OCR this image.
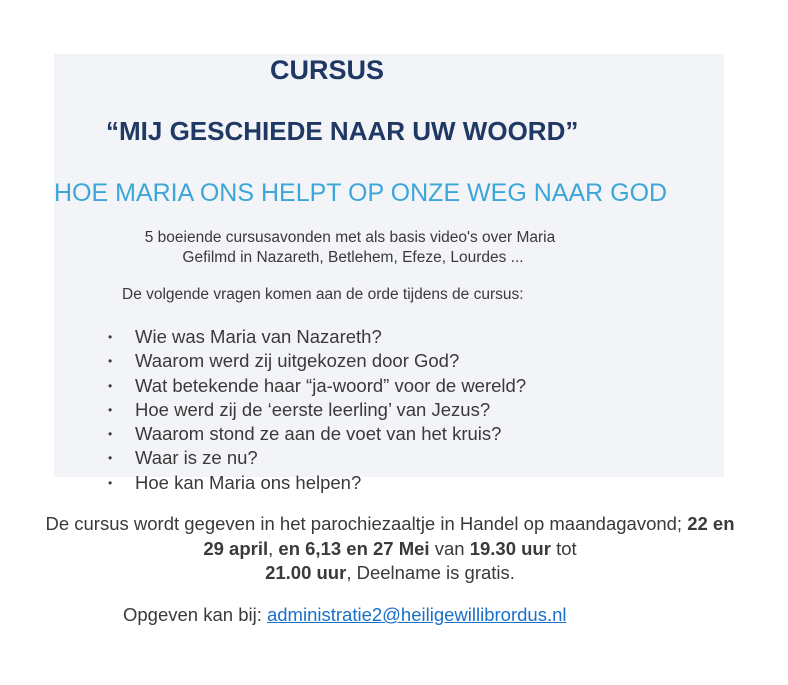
CURSUS
“MIJ GESCHIEDE NAAR UW WOORD”
HOE MARIA ONS HELPT OP ONZE WEG NAAR GOD
5 boeiende cursusavonden met als basis video's over Maria
Gefilmd in Nazareth, Betlehem, Efeze, Lourdes ...
De volgende vragen komen aan de orde tijdens de cursus:
• Wie was Maria van Nazareth?
• Waarom werd zij uitgekozen door God?
• Wat betekende haar “ja-woord” voor de wereld?
• Hoe werd zij de ‘eerste leerling’ van Jezus?
• Waarom stond ze aan de voet van het kruis?
• Waar is ze nu?
• Hoe kan Maria ons helpen?
De cursus wordt gegeven in het parochiezaaltje in Handel op maandagavond; 22 en 29 april, en 6,13 en 27 Mei van 19.30 uur tot
21.00 uur, Deelname is gratis.
Opgeven kan bij: administratie2@heiligewillibrordus.nl
